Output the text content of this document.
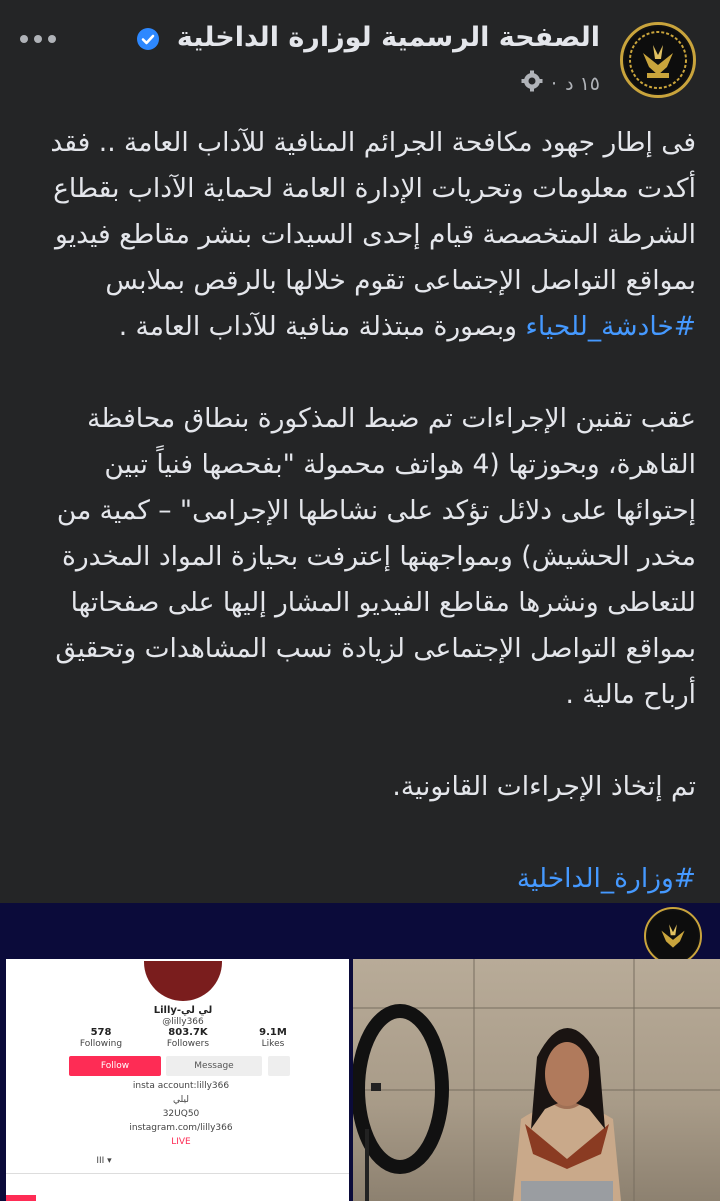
الصفحة الرسمية لوزارة الداخلية
١٥ د
·

فى إطار جهود مكافحة الجرائم المنافية للآداب العامة .. فقد أكدت معلومات وتحريات الإدارة العامة لحماية الآداب بقطاع الشرطة المتخصصة قيام إحدى السيدات بنشر مقاطع فيديو بمواقع التواصل الإجتماعى تقوم خلالها بالرقص بملابس #خادشة_للحياء وبصورة مبتذلة منافية للآداب العامة .

عقب تقنين الإجراءات تم ضبط المذكورة بنطاق محافظة القاهرة، وبحوزتها (4 هواتف محمولة "بفحصها فنياً تبين إحتوائها على دلائل تؤكد على نشاطها الإجرامى" – كمية من مخدر الحشيش) وبمواجهتها إعترفت بحيازة المواد المخدرة للتعاطى ونشرها مقاطع الفيديو المشار إليها على صفحاتها بمواقع التواصل الإجتماعى لزيادة نسب المشاهدات وتحقيق أرباح مالية .

تم إتخاذ الإجراءات القانونية.

#وزارة_الداخلية

Lilly-لي لي
@lilly366
578
Following
803.7K
Followers
9.1M
Likes
Follow	Message
insta account:lilly366
ليلي
32UQ50
instagram.com/lilly366
LIVE
III ▾
